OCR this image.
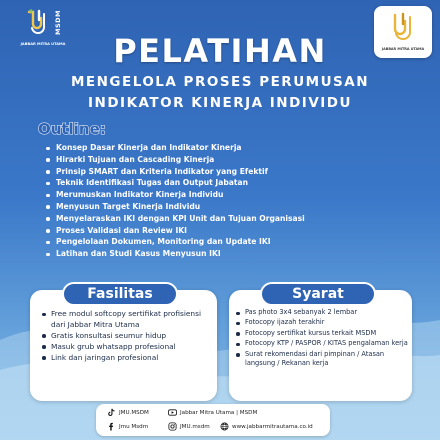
MSDM
JABBAR MITRA UTAMA
JABBAR MITRA UTAMA
PELATIHAN
MENGELOLA PROSES PERUMUSAN
INDIKATOR KINERJA INDIVIDU
Outline:
Konsep Dasar Kinerja dan Indikator Kinerja
Hirarki Tujuan dan Cascading Kinerja
Prinsip SMART dan Kriteria Indikator yang Efektif
Teknik Identifikasi Tugas dan Output Jabatan
Merumuskan Indikator Kinerja Individu
Menyusun Target Kinerja Individu
Menyelaraskan IKI dengan KPI Unit dan Tujuan Organisasi
Proses Validasi dan Review IKI
Pengelolaan Dokumen, Monitoring dan Update IKI
Latihan dan Studi Kasus Menyusun IKI
Fasilitas
Free modul softcopy sertifikat profisiensi dari Jabbar Mitra Utama
Gratis konsultasi seumur hidup
Masuk grub whatsapp profesional
Link dan jaringan profesional
Syarat
Pas photo 3x4 sebanyak 2 lembar
Fotocopy ijazah terakhir
Fotocopy sertifikat kursus terkait MSDM
Fotocopy KTP / PASPOR / KITAS pengalaman kerja
Surat rekomendasi dari pimpinan / Atasan langsung / Rekanan kerja
JMU.MSDM	Jabbar Mitra Utama | MSDM
Jmu Msdm	JMU.msdm	www.jabbarmitrautama.co.id
